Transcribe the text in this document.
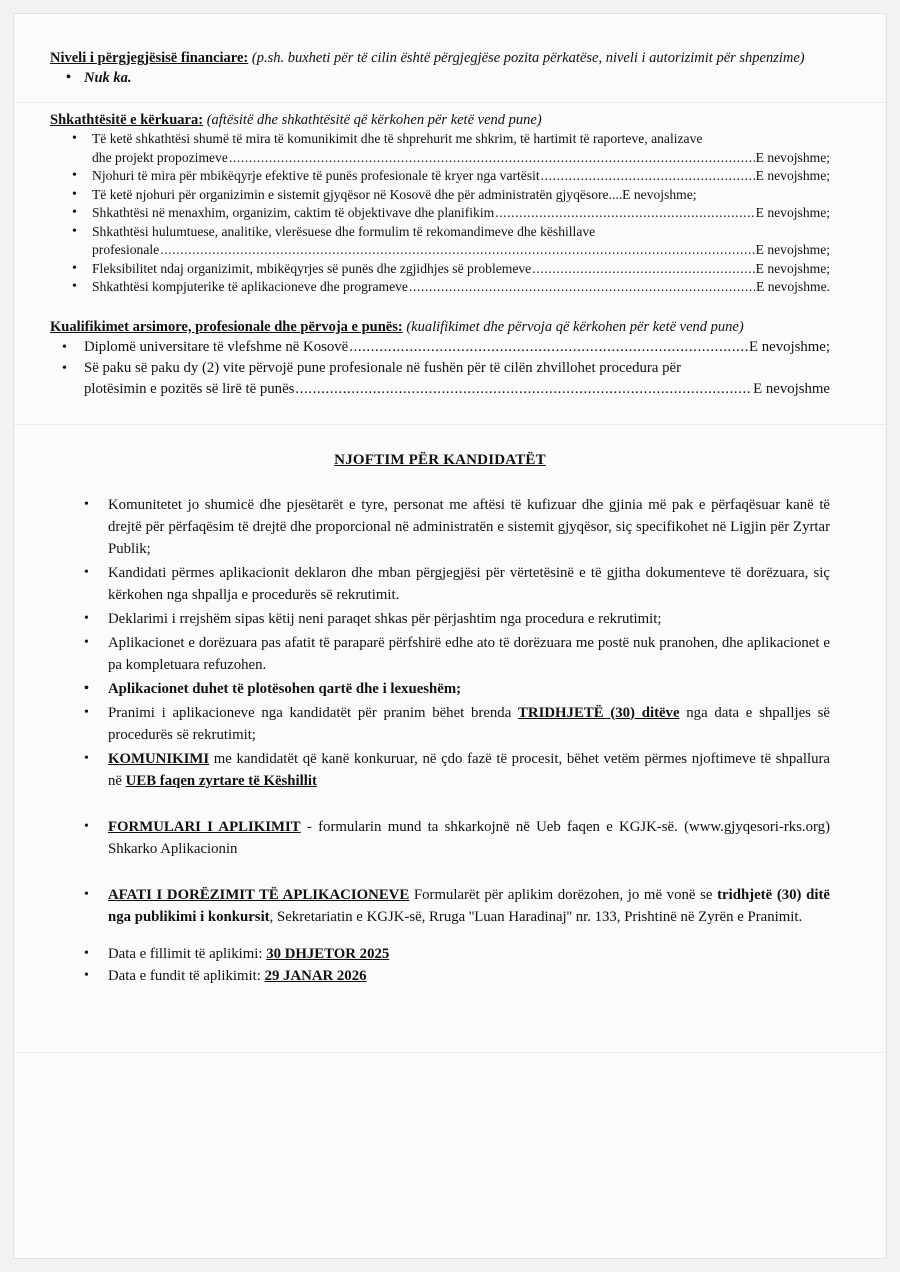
Niveli i përgjegjësisë financiare: (p.sh. buxheti për të cilin është përgjegjëse pozita përkatëse, niveli i autorizimit për shpenzime)

• Nuk ka.

Shkathtësitë e kërkuara: (aftësitë dhe shkathtësitë që kërkohen për ketë vend pune)

• Të ketë shkathtësi shumë të mira të komunikimit dhe të shprehurit me shkrim, të hartimit të raporteve, analizave
dhe projekt propozimeve .....	E nevojshme;
• Njohuri të mira për mbikëqyrje efektive të punës profesionale të kryer nga vartësit .....	E nevojshme;
• Të ketë njohuri për organizimin e sistemit gjyqësor në Kosovë dhe për administratën gjyqësore.... E nevojshme;
• Shkathtësi në menaxhim, organizim, caktim të objektivave dhe planifikim .....	E nevojshme;
• Shkathtësi hulumtuese, analitike, vlerësuese dhe formulim të rekomandimeve dhe këshillave
profesionale .....	E nevojshme;
• Fleksibilitet ndaj organizimit, mbikëqyrjes së punës dhe zgjidhjes së problemeve .....	E nevojshme;
• Shkathtësi kompjuterike të aplikacioneve dhe programeve .....	E nevojshme.

Kualifikimet arsimore, profesionale dhe përvoja e punës: (kualifikimet dhe përvoja që kërkohen për ketë vend pune)

• Diplomë universitare të vlefshme në Kosovë .....	E nevojshme;
• Së paku së paku dy (2) vite përvojë pune profesionale në fushën për të cilën zhvillohet procedura për
plotësimin e pozitës së lirë të punës .....	E nevojshme
NJOFTIM PËR KANDIDATËT
• Komunitetet jo shumicë dhe pjesëtarët e tyre, personat me aftësi të kufizuar dhe gjinia më pak e përfaqësuar kanë të drejtë për përfaqësim të drejtë dhe proporcional në administratën e sistemit gjyqësor, siç specifikohet në Ligjin për Zyrtar Publik;
• Kandidati përmes aplikacionit deklaron dhe mban përgjegjësi për vërtetësinë e të gjitha dokumenteve të dorëzuara, siç kërkohen nga shpallja e procedurës së rekrutimit.
• Deklarimi i rrejshëm sipas këtij neni paraqet shkas për përjashtim nga procedura e rekrutimit;
• Aplikacionet e dorëzuara pas afatit të paraparë përfshirë edhe ato të dorëzuara me postë nuk pranohen, dhe aplikacionet e pa kompletuara refuzohen.
• Aplikacionet duhet të plotësohen qartë dhe i lexueshëm;
• Pranimi i aplikacioneve nga kandidatët për pranim bëhet brenda TRIDHJETË (30) ditëve nga data e shpalljes së procedurës së rekrutimit;
• KOMUNIKIMI me kandidatët që kanë konkuruar, në çdo fazë të procesit, bëhet vetëm përmes njoftimeve të shpallura në UEB faqen zyrtare të Këshillit
• FORMULARI I APLIKIMIT - formularin mund ta shkarkojnë në Ueb faqen e KGJK-së. (www.gjyqesori-rks.org) Shkarko Aplikacionin
• AFATI I DORËZIMIT TË APLIKACIONEVE Formularët për aplikim dorëzohen, jo më vonë se tridhjetë (30) ditë nga publikimi i konkursit, Sekretariatin e KGJK-së, Rruga ''Luan Haradinaj'' nr. 133, Prishtinë në Zyrën e Pranimit.
• Data e fillimit të aplikimi: 30 DHJETOR 2025
• Data e fundit të aplikimit: 29 JANAR 2026
